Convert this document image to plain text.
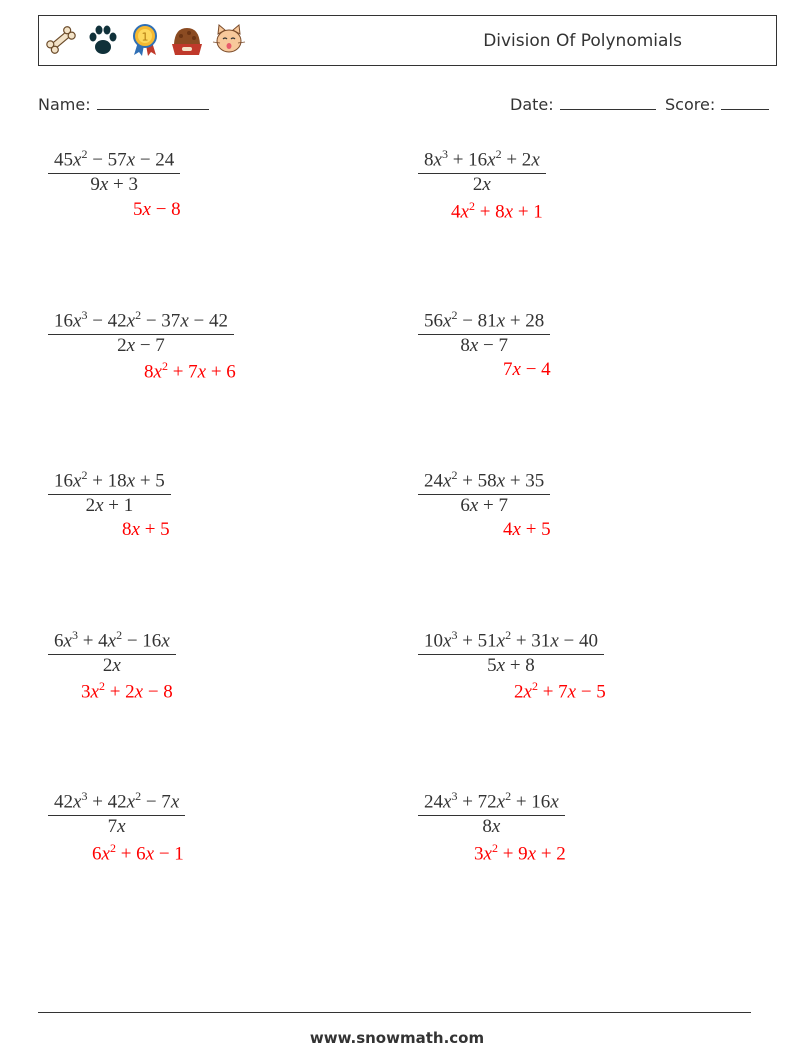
1	Division Of Polynomials
Name:	Date:	Score:
$\frac{45x^2 - 57x - 24}{9x + 3}$
5x − 8
$\frac{8x^3 + 16x^2 + 2x}{2x}$
$4x^2 + 8x + 1$
$\frac{16x^3 - 42x^2 - 37x - 42}{2x - 7}$
$8x^2 + 7x + 6$
$\frac{56x^2 - 81x + 28}{8x - 7}$
7x − 4
$\frac{16x^2 + 18x + 5}{2x + 1}$
8x + 5
$\frac{24x^2 + 58x + 35}{6x + 7}$
4x + 5
$\frac{6x^3 + 4x^2 - 16x}{2x}$
$3x^2 + 2x - 8$
$\frac{10x^3 + 51x^2 + 31x - 40}{5x + 8}$
$2x^2 + 7x - 5$
$\frac{42x^3 + 42x^2 - 7x}{7x}$
$6x^2 + 6x - 1$
$\frac{24x^3 + 72x^2 + 16x}{8x}$
$3x^2 + 9x + 2$
www.snowmath.com
